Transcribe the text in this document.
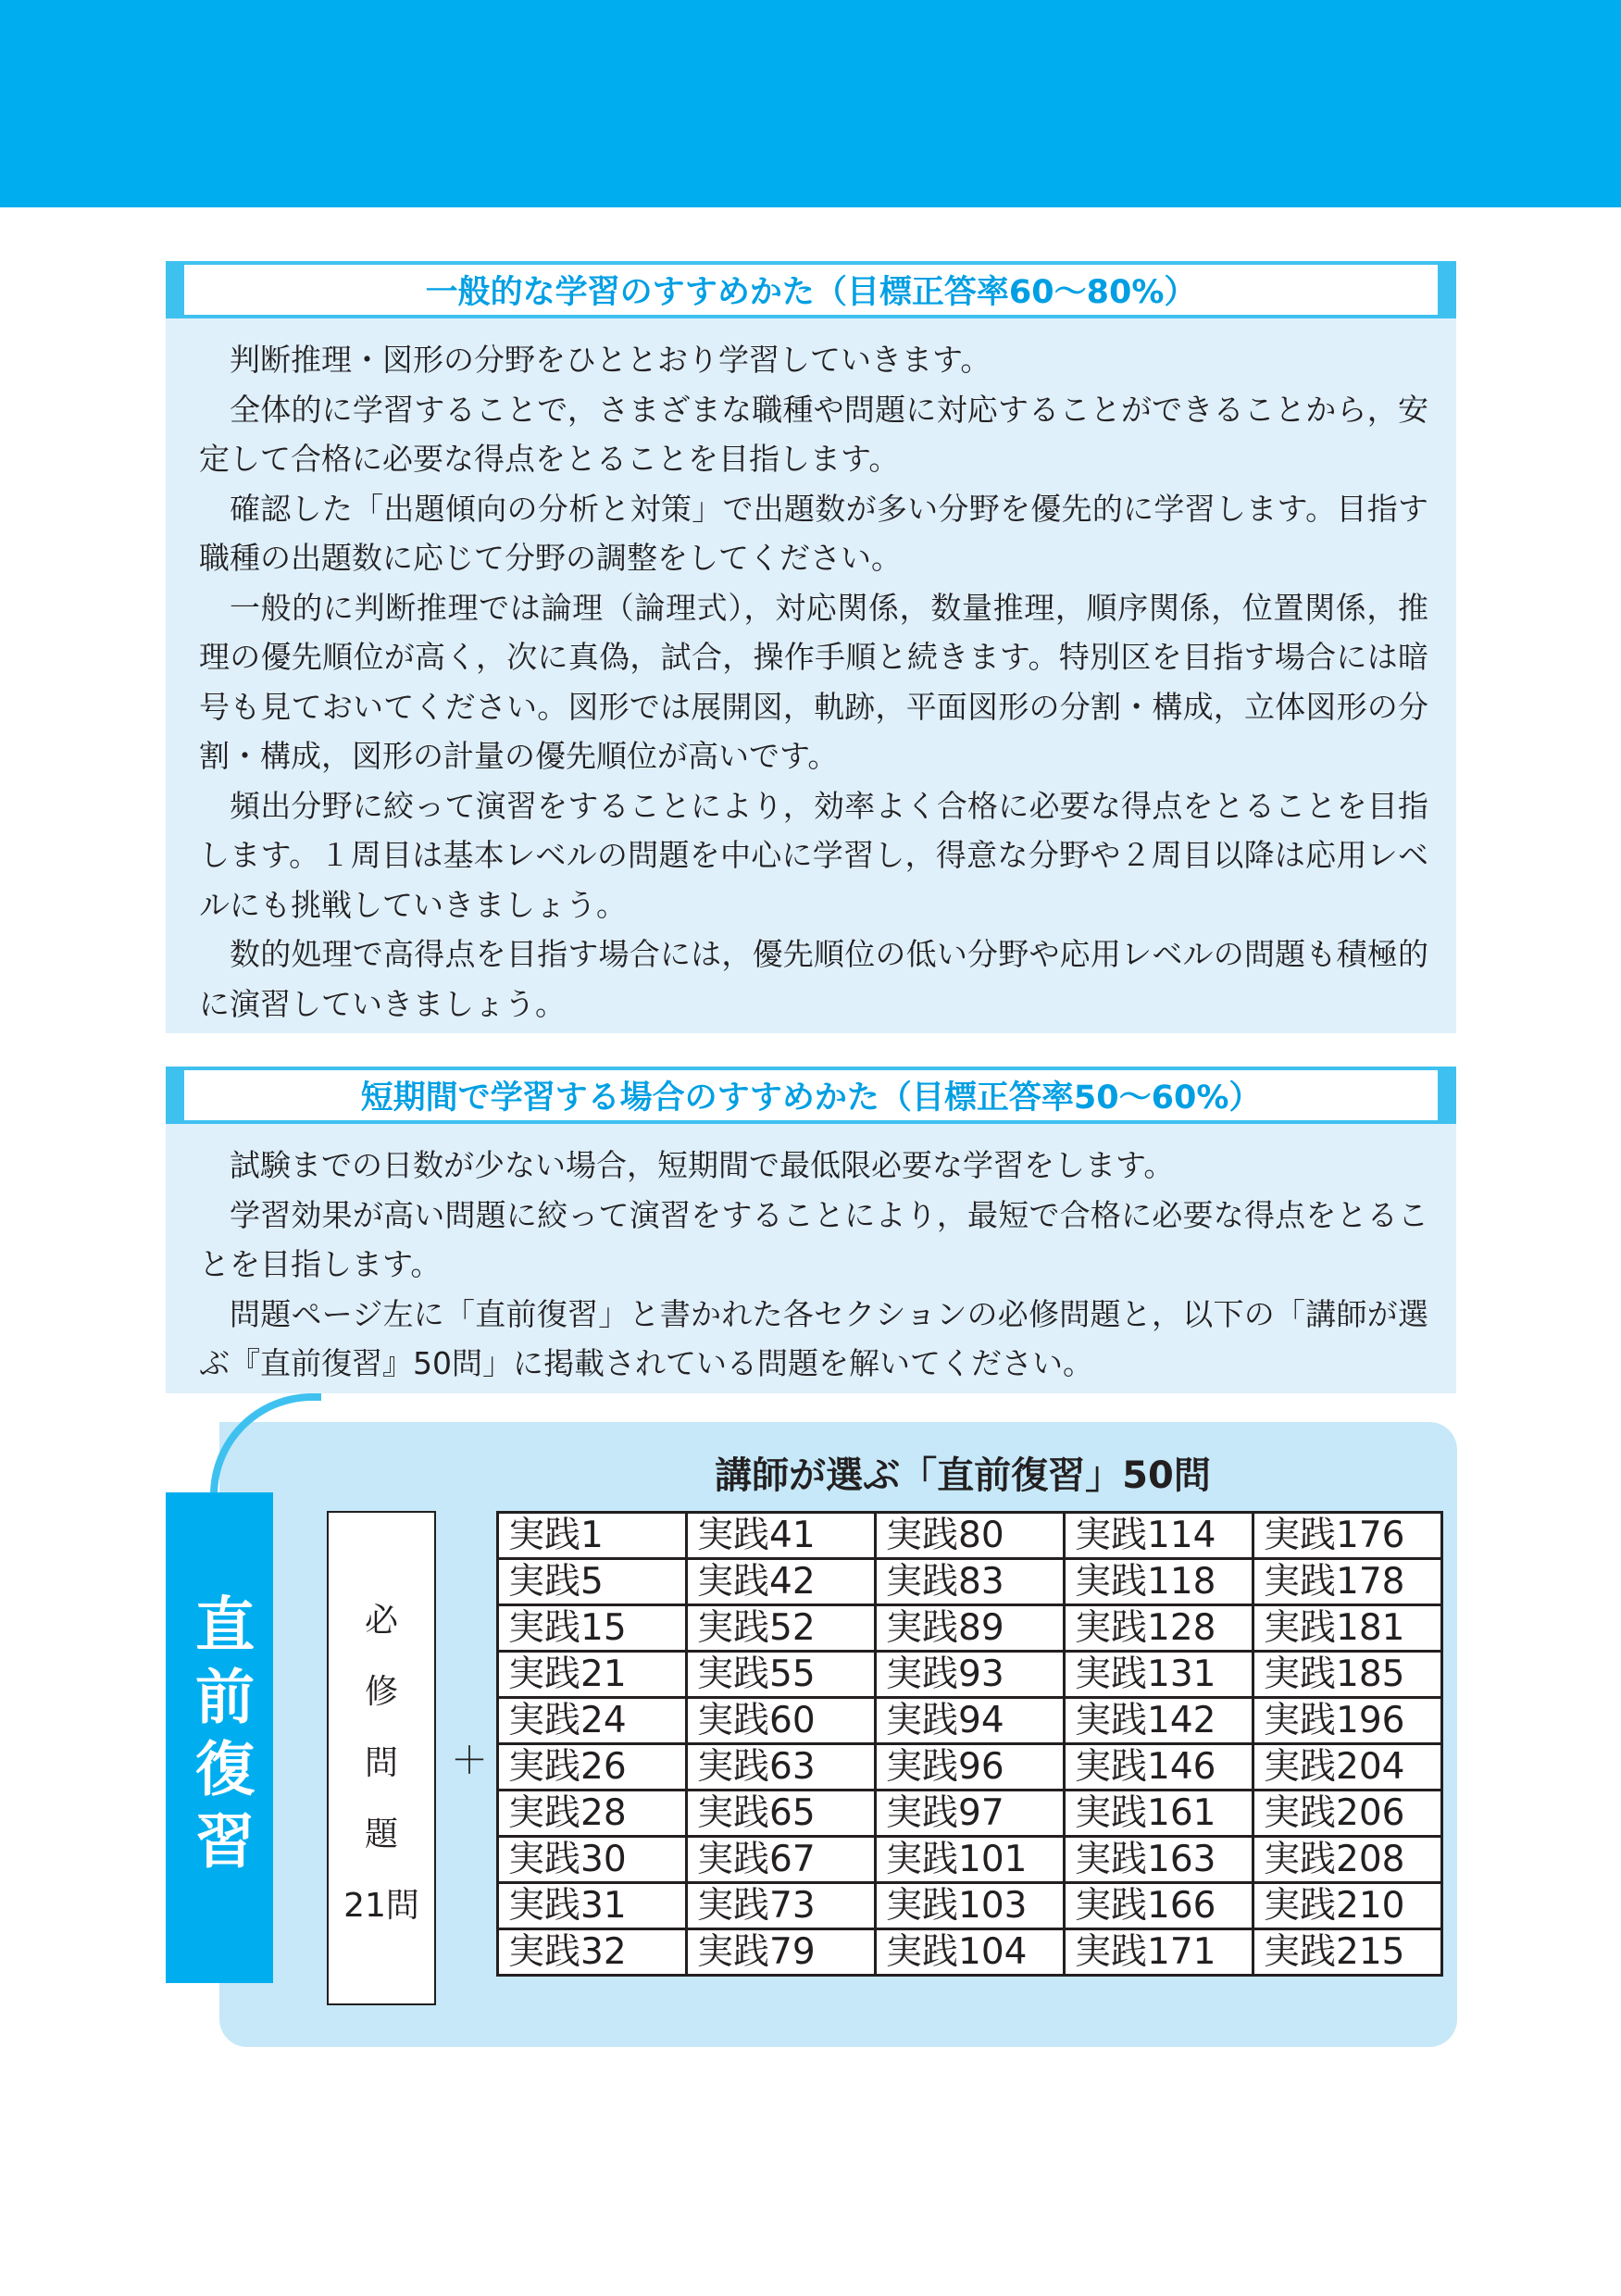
一般的な学習のすすめかた（目標正答率60～80%）

判断推理・図形の分野をひととおり学習していきます。

全体的に学習することで，さまざまな職種や問題に対応することができることから，安定して合格に必要な得点をとることを目指します。

確認した「出題傾向の分析と対策」で出題数が多い分野を優先的に学習します。目指す職種の出題数に応じて分野の調整をしてください。

一般的に判断推理では論理（論理式），対応関係，数量推理，順序関係，位置関係，推理の優先順位が高く，次に真偽，試合，操作手順と続きます。特別区を目指す場合には暗号も見ておいてください。図形では展開図，軌跡，平面図形の分割・構成，立体図形の分割・構成，図形の計量の優先順位が高いです。

頻出分野に絞って演習をすることにより，効率よく合格に必要な得点をとることを目指します。１周目は基本レベルの問題を中心に学習し，得意な分野や２周目以降は応用レベルにも挑戦していきましょう。

数的処理で高得点を目指す場合には，優先順位の低い分野や応用レベルの問題も積極的に演習していきましょう。

短期間で学習する場合のすすめかた（目標正答率50～60%）

試験までの日数が少ない場合，短期間で最低限必要な学習をします。

学習効果が高い問題に絞って演習をすることにより，最短で合格に必要な得点をとることを目指します。

問題ページ左に「直前復習」と書かれた各セクションの必修問題と，以下の「講師が選ぶ『直前復習』50問」に掲載されている問題を解いてください。

直前復習
講師が選ぶ「直前復習」50問
必
修
問
題
21問
＋
実践1	実践41	実践80	実践114	実践176
実践5	実践42	実践83	実践118	実践178
実践15	実践52	実践89	実践128	実践181
実践21	実践55	実践93	実践131	実践185
実践24	実践60	実践94	実践142	実践196
実践26	実践63	実践96	実践146	実践204
実践28	実践65	実践97	実践161	実践206
実践30	実践67	実践101	実践163	実践208
実践31	実践73	実践103	実践166	実践210
実践32	実践79	実践104	実践171	実践215
